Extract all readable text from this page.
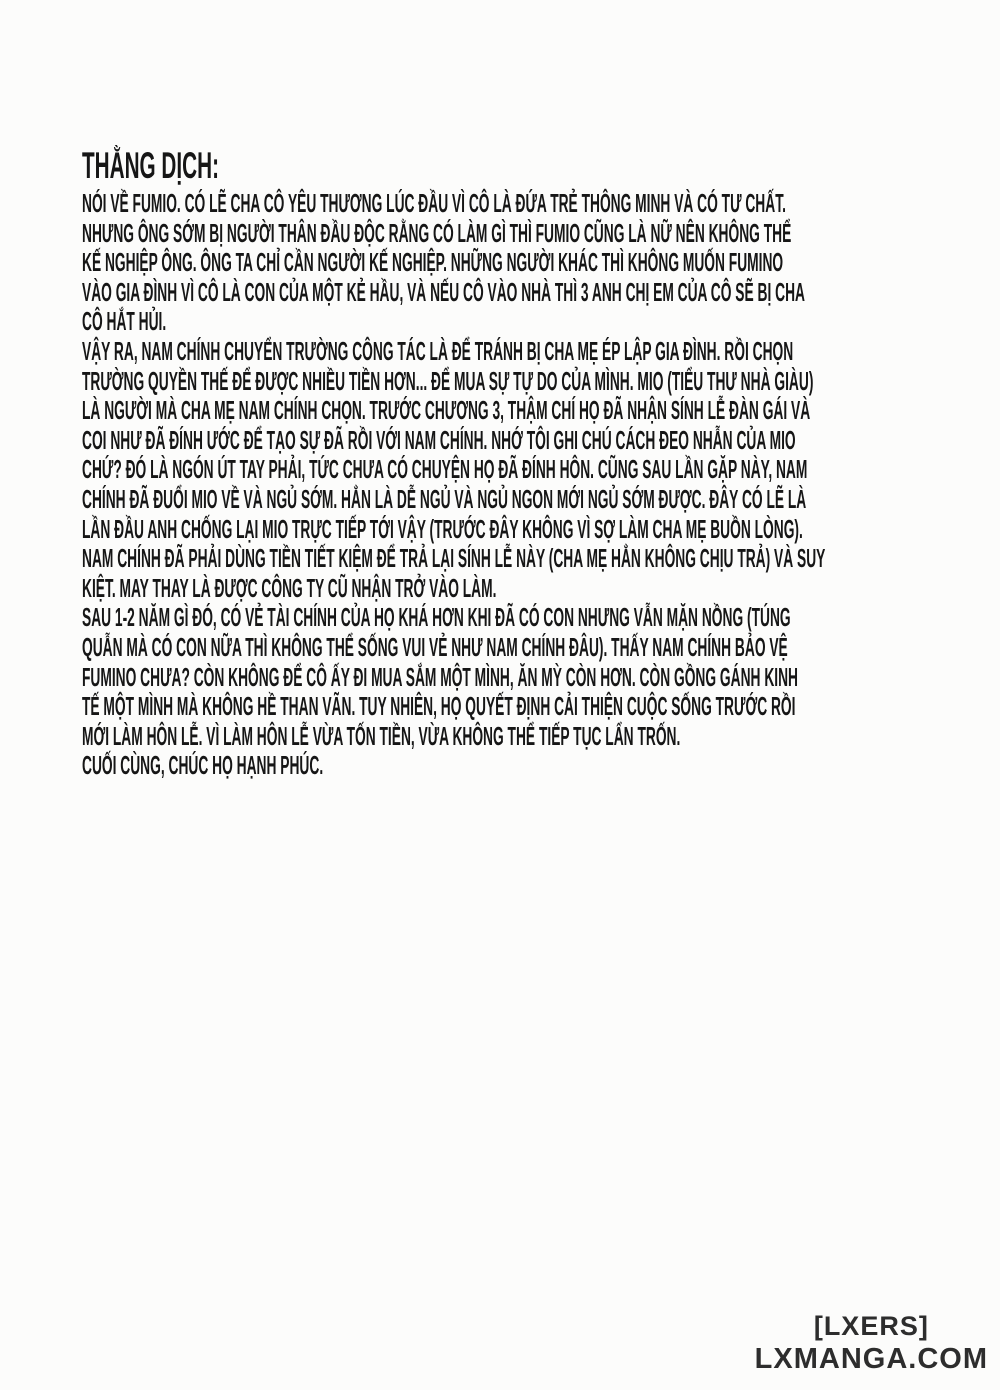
THẰNG DỊCH:
NÓI VỀ FUMIO. CÓ LẼ CHA CÔ YÊU THƯƠNG LÚC ĐẦU VÌ CÔ LÀ ĐỨA TRẺ THÔNG MINH VÀ CÓ TƯ CHẤT.
NHƯNG ÔNG SỚM BỊ NGƯỜI THÂN ĐẦU ĐỘC RẰNG CÓ LÀM GÌ THÌ FUMIO CŨNG LÀ NỮ NÊN KHÔNG THỂ
KẾ NGHIỆP ÔNG. ÔNG TA CHỈ CẦN NGƯỜI KẾ NGHIỆP. NHỮNG NGƯỜI KHÁC THÌ KHÔNG MUỐN FUMINO
VÀO GIA ĐÌNH VÌ CÔ LÀ CON CỦA MỘT KẺ HẦU, VÀ NẾU CÔ VÀO NHÀ THÌ 3 ANH CHỊ EM CỦA CÔ SẼ BỊ CHA
CÔ HẮT HỦI.
VẬY RA, NAM CHÍNH CHUYỂN TRƯỜNG CÔNG TÁC LÀ ĐỂ TRÁNH BỊ CHA MẸ ÉP LẬP GIA ĐÌNH. RỒI CHỌN
TRƯỜNG QUYỀN THẾ ĐỂ ĐƯỢC NHIỀU TIỀN HƠN... ĐỂ MUA SỰ TỰ DO CỦA MÌNH. MIO (TIỂU THƯ NHÀ GIÀU)
LÀ NGƯỜI MÀ CHA MẸ NAM CHÍNH CHỌN. TRƯỚC CHƯƠNG 3, THẬM CHÍ HỌ ĐÃ NHẬN SÍNH LỄ ĐÀN GÁI VÀ
COI NHƯ ĐÃ ĐÍNH ƯỚC ĐỂ TẠO SỰ ĐÃ RỒI VỚI NAM CHÍNH. NHỚ TÔI GHI CHÚ CÁCH ĐEO NHẪN CỦA MIO
CHỨ? ĐÓ LÀ NGÓN ÚT TAY PHẢI, TỨC CHƯA CÓ CHUYỆN HỌ ĐÃ ĐÍNH HÔN. CŨNG SAU LẦN GẶP NÀY, NAM
CHÍNH ĐÃ ĐUỔI MIO VỀ VÀ NGỦ SỚM. HẲN LÀ DỄ NGỦ VÀ NGỦ NGON MỚI NGỦ SỚM ĐƯỢC. ĐÂY CÓ LẼ LÀ
LẦN ĐẦU ANH CHỐNG LẠI MIO TRỰC TIẾP TỚI VẬY (TRƯỚC ĐÂY KHÔNG VÌ SỢ LÀM CHA MẸ BUỒN LÒNG).
NAM CHÍNH ĐÃ PHẢI DÙNG TIỀN TIẾT KIỆM ĐỂ TRẢ LẠI SÍNH LỄ NÀY (CHA MẸ HẲN KHÔNG CHỊU TRẢ) VÀ SUY
KIỆT. MAY THAY LÀ ĐƯỢC CÔNG TY CŨ NHẬN TRỞ VÀO LÀM.
SAU 1-2 NĂM GÌ ĐÓ, CÓ VẺ TÀI CHÍNH CỦA HỌ KHÁ HƠN KHI ĐÃ CÓ CON NHƯNG VẪN MẶN NỒNG (TÚNG
QUẪN MÀ CÓ CON NỮA THÌ KHÔNG THỂ SỐNG VUI VẺ NHƯ NAM CHÍNH ĐÂU). THẤY NAM CHÍNH BẢO VỆ
FUMINO CHƯA? CÒN KHÔNG ĐỂ CÔ ẤY ĐI MUA SẮM MỘT MÌNH, ĂN MỲ CÒN HƠN. CÒN GỒNG GÁNH KINH
TẾ MỘT MÌNH MÀ KHÔNG HỀ THAN VÃN. TUY NHIÊN, HỌ QUYẾT ĐỊNH CẢI THIỆN CUỘC SỐNG TRƯỚC RỒI
MỚI LÀM HÔN LỄ. VÌ LÀM HÔN LỄ VỪA TỐN TIỀN, VỪA KHÔNG THỂ TIẾP TỤC LẨN TRỐN.
CUỐI CÙNG, CHÚC HỌ HẠNH PHÚC.
[LXERS]
LXMANGA.COM
